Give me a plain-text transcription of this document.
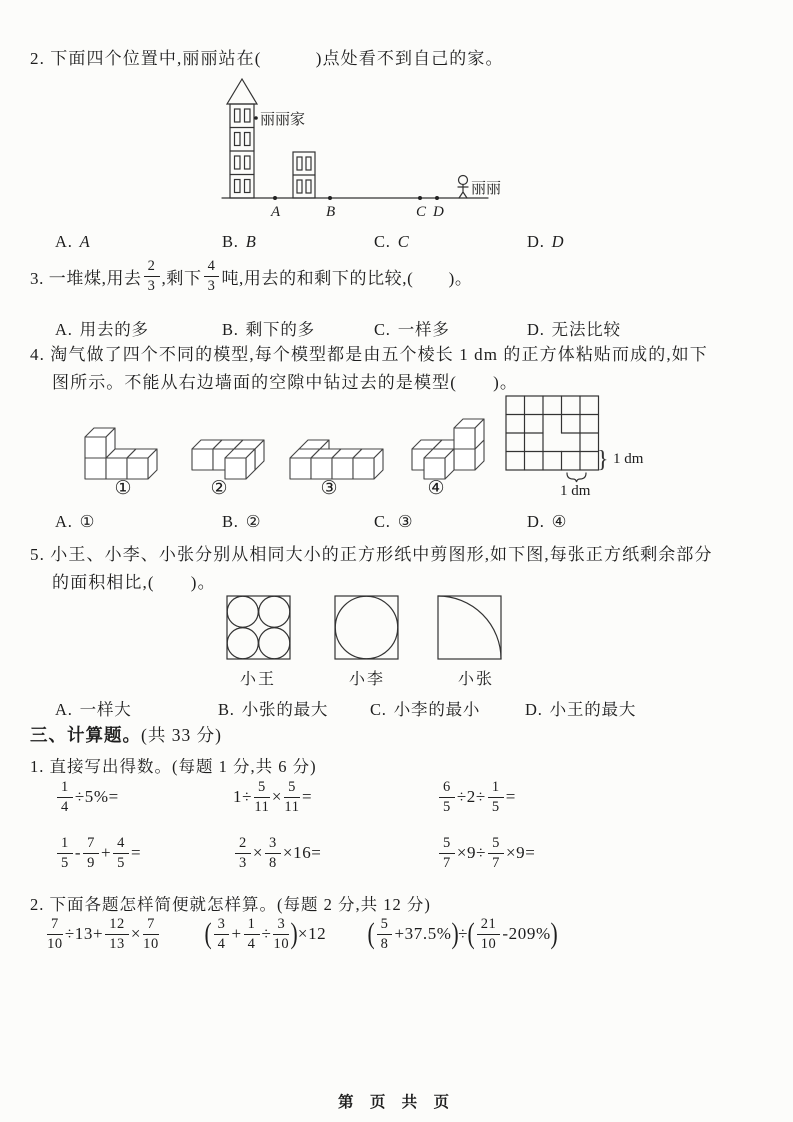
2. 下面四个位置中,丽丽站在(　　　)点处看不到自己的家。
丽丽家
丽丽
A	B	C D
A. A	B. B	C. C	D. D
3. 一堆煤,用去 $\frac{2}{3}$ ,剩下 $\frac{4}{3}$ 吨,用去的和剩下的比较,(　　)。
A. 用去的多	B. 剩下的多	C. 一样多	D. 无法比较
4. 淘气做了四个不同的模型,每个模型都是由五个棱长 1 dm 的正方体粘贴而成的,如下
图所示。不能从右边墙面的空隙中钻过去的是模型(　　)。
①	②	③	④
} 1 dm
1 dm
A. ①	B. ②	C. ③	D. ④
5. 小王、小李、小张分别从相同大小的正方形纸中剪图形,如下图,每张正方纸剩余部分
的面积相比,(　　)。
小王	小李	小张
A. 一样大	B. 小张的最大	C. 小李的最小	D. 小王的最大
三、计算题。(共 33 分)
1. 直接写出得数。(每题 1 分,共 6 分)
$\frac{1}{4} \div 5\%=$	$1\div \frac{5}{11} \times \frac{5}{11}$ =	$\frac{6}{5} \div 2\div \frac{1}{5}$ =
$\frac{1}{5} - \frac{7}{9} + \frac{4}{5}$ =	$\frac{2}{3} \times \frac{3}{8} \times 16=$	$\frac{5}{7} \times 9\div \frac{5}{7} \times 9=$
2. 下面各题怎样简便就怎样算。(每题 2 分,共 12 分)
$\frac{7}{10} \div 13+ \frac{12}{13} \times \frac{7}{10}$ ( $\frac{3}{4} + \frac{1}{4} \div \frac{3}{10}$ ) ×12 ( $\frac{5}{8} +37.5\%$ ) ÷ ( $\frac{21}{10} -209\%$ )
第 页 共 页
